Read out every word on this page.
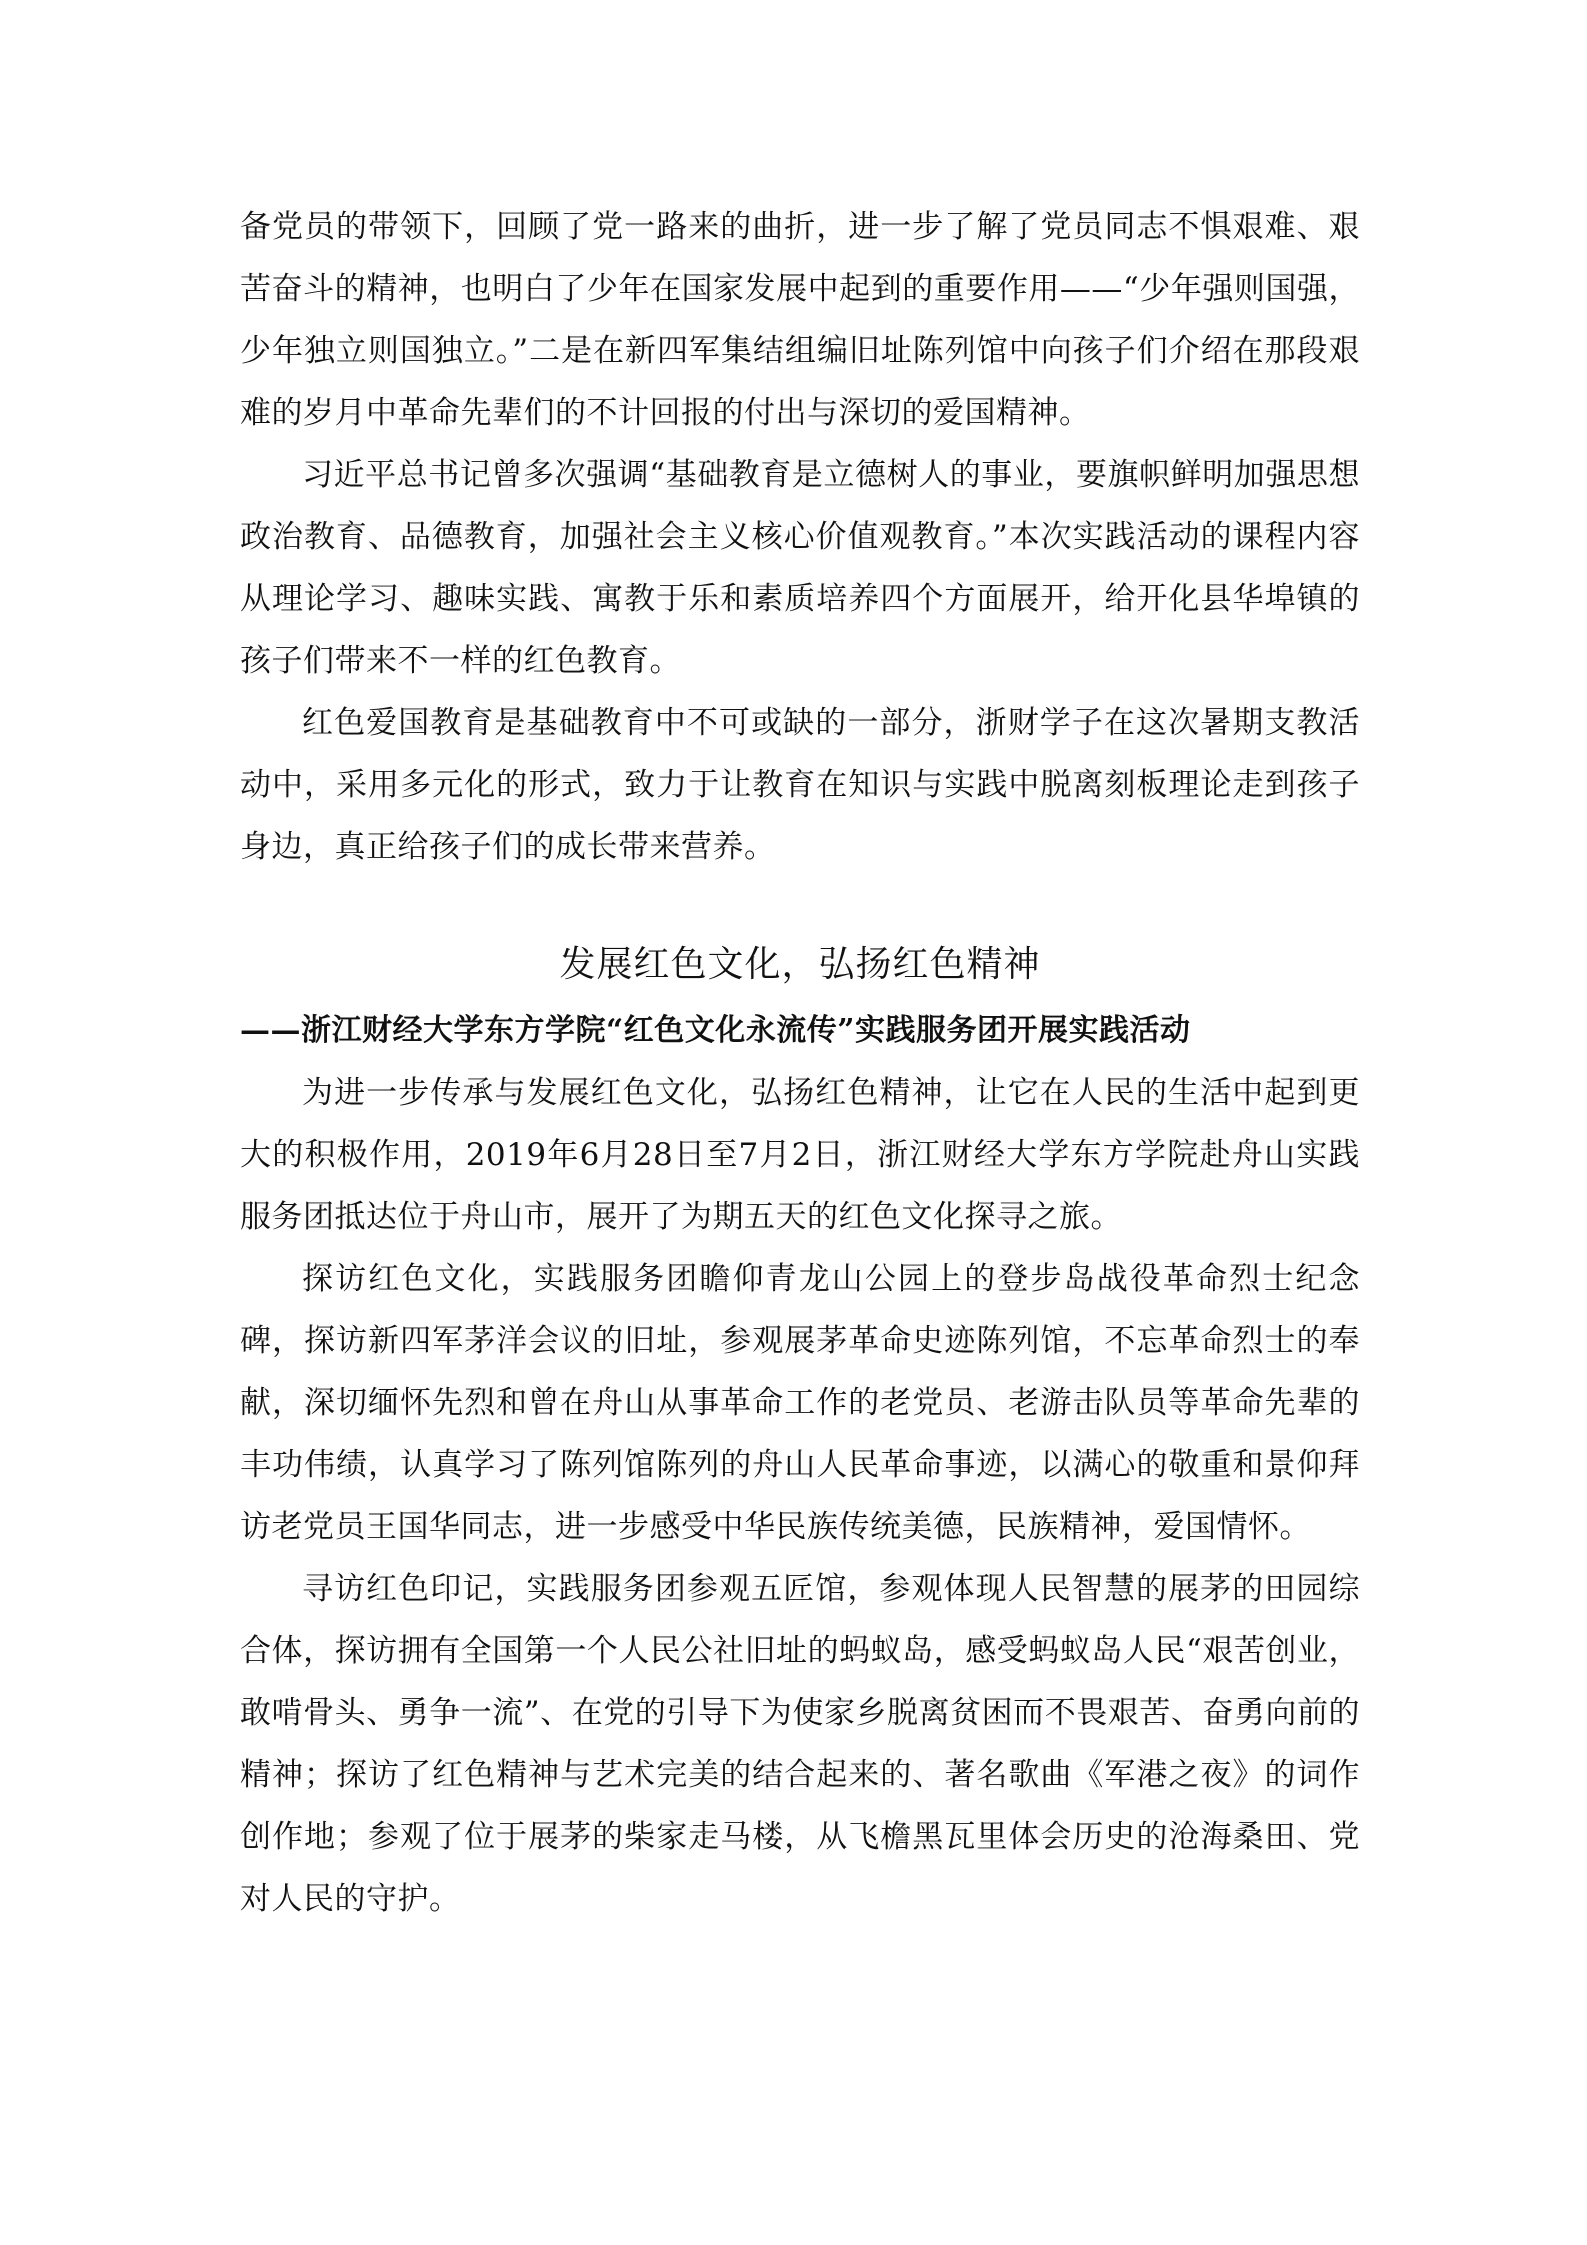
备党员的带领下，回顾了党一路来的曲折，进一步了解了党员同志不惧艰难、艰苦奋斗的精神，也明白了少年在国家发展中起到的重要作用——“少年强则国强，少年独立则国独立。”二是在新四军集结组编旧址陈列馆中向孩子们介绍在那段艰难的岁月中革命先辈们的不计回报的付出与深切的爱国精神。

习近平总书记曾多次强调“基础教育是立德树人的事业，要旗帜鲜明加强思想政治教育、品德教育，加强社会主义核心价值观教育。”本次实践活动的课程内容从理论学习、趣味实践、寓教于乐和素质培养四个方面展开，给开化县华埠镇的孩子们带来不一样的红色教育。

红色爱国教育是基础教育中不可或缺的一部分，浙财学子在这次暑期支教活动中，采用多元化的形式，致力于让教育在知识与实践中脱离刻板理论走到孩子身边，真正给孩子们的成长带来营养。

发展红色文化，弘扬红色精神

——浙江财经大学东方学院“红色文化永流传”实践服务团开展实践活动

为进一步传承与发展红色文化，弘扬红色精神，让它在人民的生活中起到更大的积极作用，2019年6月28日至7月2日，浙江财经大学东方学院赴舟山实践服务团抵达位于舟山市，展开了为期五天的红色文化探寻之旅。

探访红色文化，实践服务团瞻仰青龙山公园上的登步岛战役革命烈士纪念碑，探访新四军茅洋会议的旧址，参观展茅革命史迹陈列馆，不忘革命烈士的奉献，深切缅怀先烈和曾在舟山从事革命工作的老党员、老游击队员等革命先辈的丰功伟绩，认真学习了陈列馆陈列的舟山人民革命事迹，以满心的敬重和景仰拜访老党员王国华同志，进一步感受中华民族传统美德，民族精神，爱国情怀。

寻访红色印记，实践服务团参观五匠馆，参观体现人民智慧的展茅的田园综合体，探访拥有全国第一个人民公社旧址的蚂蚁岛，感受蚂蚁岛人民“艰苦创业，敢啃骨头、勇争一流”、在党的引导下为使家乡脱离贫困而不畏艰苦、奋勇向前的精神；探访了红色精神与艺术完美的结合起来的、著名歌曲《军港之夜》的词作创作地；参观了位于展茅的柴家走马楼，从飞檐黑瓦里体会历史的沧海桑田、党对人民的守护。
